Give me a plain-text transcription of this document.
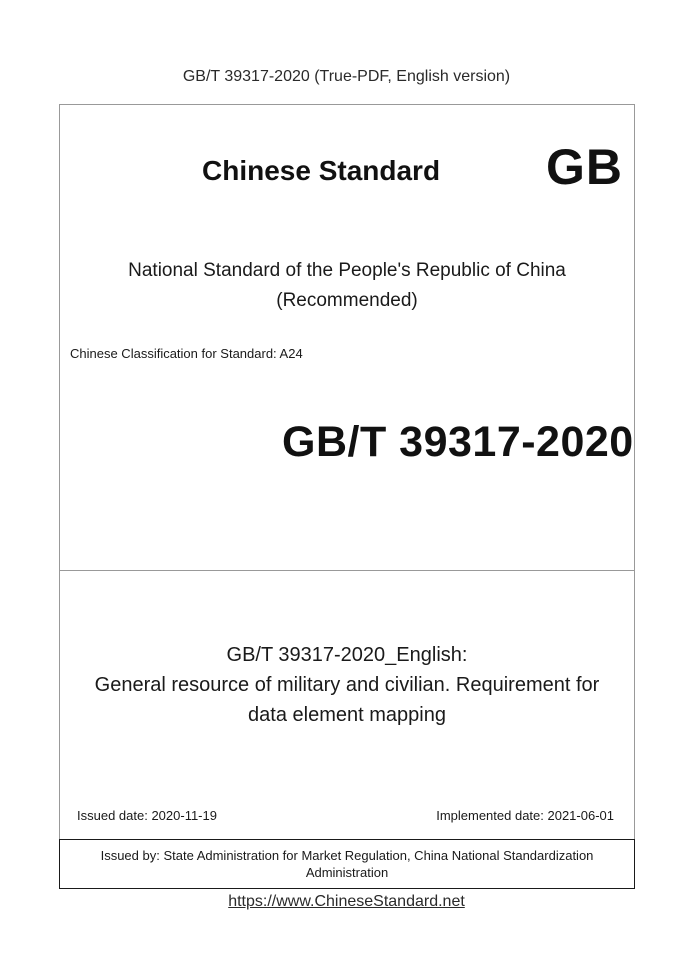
GB/T 39317-2020 (True-PDF, English version)
Chinese Standard GB
National Standard of the People's Republic of China
(Recommended)
Chinese Classification for Standard: A24
GB/T 39317-2020
GB/T 39317-2020_English:
General resource of military and civilian. Requirement for
data element mapping
Issued date: 2020-11-19	Implemented date: 2021-06-01
Issued by: State Administration for Market Regulation, China National Standardization
Administration
https://www.ChineseStandard.net
